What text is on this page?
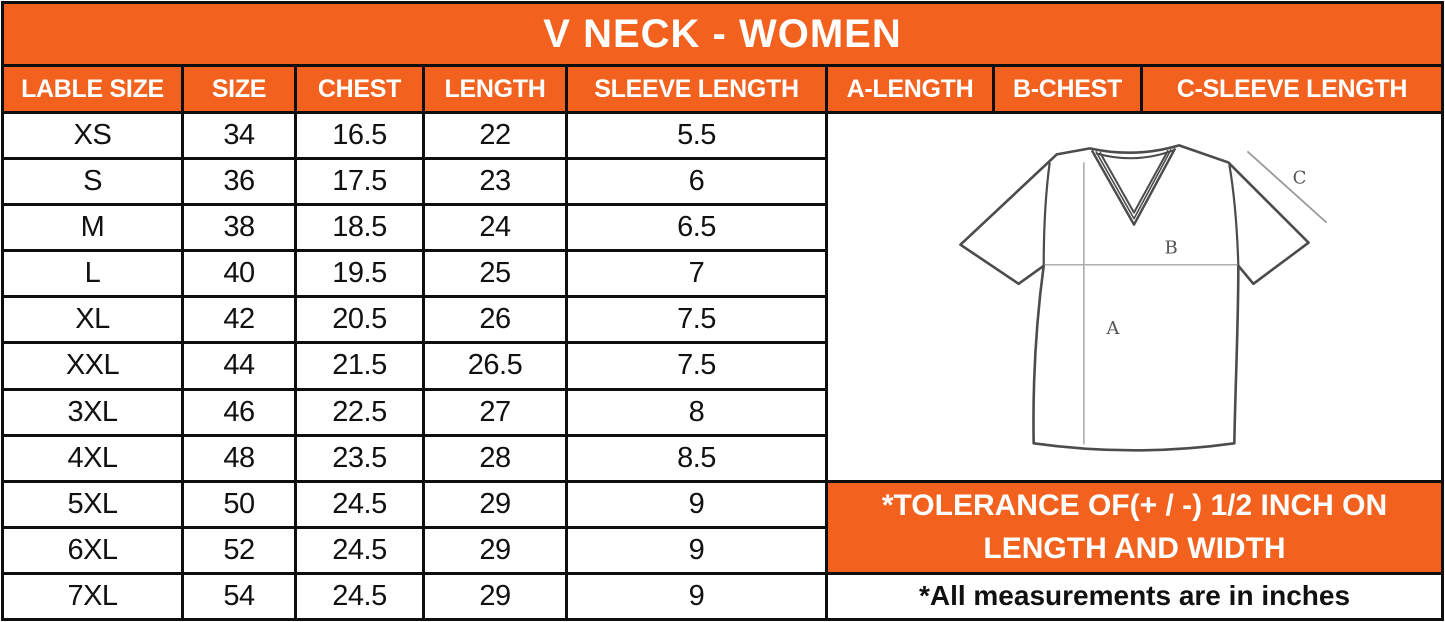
V NECK - WOMEN
LABLE SIZE	SIZE	CHEST	LENGTH	SLEEVE LENGTH	A-LENGTH	B-CHEST	C-SLEEVE LENGTH
A
B
C
*TOLERANCE OF(+ / -) 1/2 INCH ON
LENGTH AND WIDTH
*All measurements are in inches
XS	34	16.5	22	5.5
S	36	17.5	23	6
M	38	18.5	24	6.5
L	40	19.5	25	7
XL	42	20.5	26	7.5
XXL	44	21.5	26.5	7.5
3XL	46	22.5	27	8
4XL	48	23.5	28	8.5
5XL	50	24.5	29	9
6XL	52	24.5	29	9
7XL	54	24.5	29	9
